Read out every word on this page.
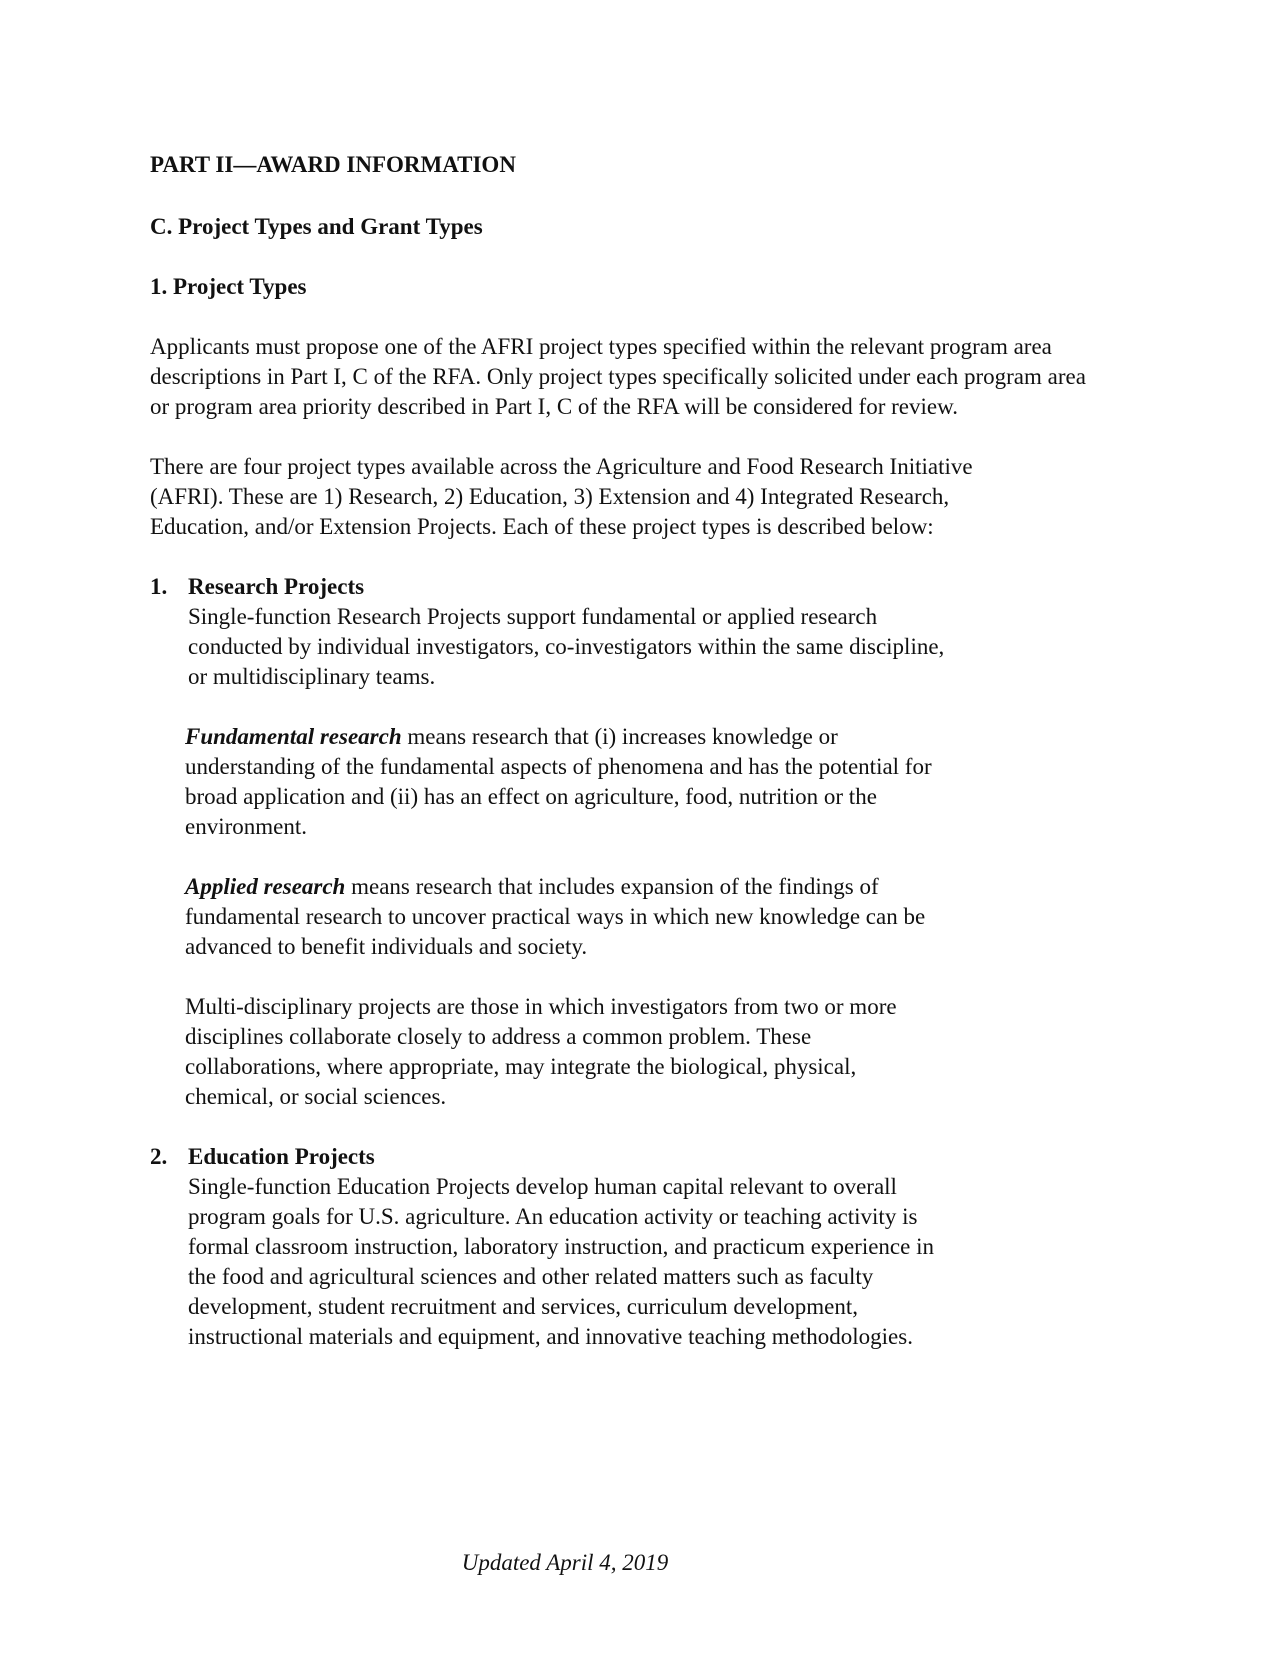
PART II—AWARD INFORMATION

C. Project Types and Grant Types

1. Project Types

Applicants must propose one of the AFRI project types specified within the relevant program area descriptions in Part I, C of the RFA. Only project types specifically solicited under each program area or program area priority described in Part I, C of the RFA will be considered for review.

There are four project types available across the Agriculture and Food Research Initiative (AFRI). These are 1) Research, 2) Education, 3) Extension and 4) Integrated Research, Education, and/or Extension Projects. Each of these project types is described below:

1. Research Projects

Single-function Research Projects support fundamental or applied research conducted by individual investigators, co-investigators within the same discipline, or multidisciplinary teams.

Fundamental research means research that (i) increases knowledge or understanding of the fundamental aspects of phenomena and has the potential for broad application and (ii) has an effect on agriculture, food, nutrition or the environment.

Applied research means research that includes expansion of the findings of fundamental research to uncover practical ways in which new knowledge can be advanced to benefit individuals and society.

Multi-disciplinary projects are those in which investigators from two or more disciplines collaborate closely to address a common problem. These collaborations, where appropriate, may integrate the biological, physical, chemical, or social sciences.

2. Education Projects

Single-function Education Projects develop human capital relevant to overall program goals for U.S. agriculture. An education activity or teaching activity is formal classroom instruction, laboratory instruction, and practicum experience in the food and agricultural sciences and other related matters such as faculty development, student recruitment and services, curriculum development, instructional materials and equipment, and innovative teaching methodologies.

Updated April 4, 2019
